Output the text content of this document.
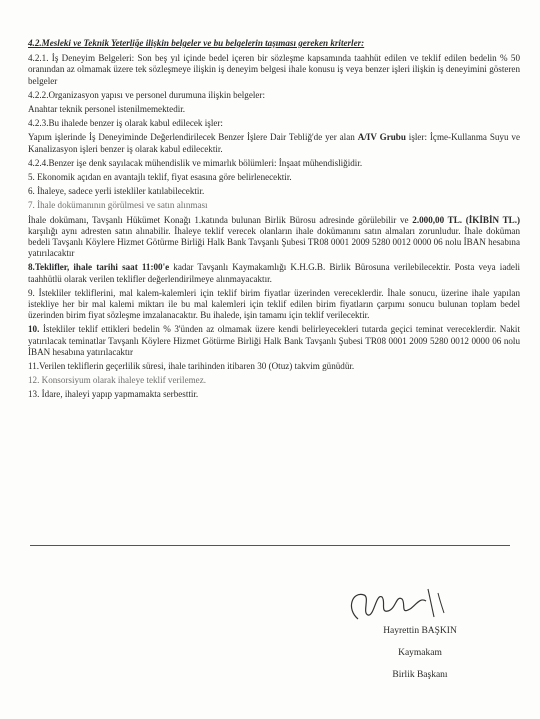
4.2.Mesleki ve Teknik Yeterliğe ilişkin belgeler ve bu belgelerin taşıması gereken kriterler:

4.2.1. İş Deneyim Belgeleri: Son beş yıl içinde bedel içeren bir sözleşme kapsamında taahhüt edilen ve teklif edilen bedelin % 50 oranından az olmamak üzere tek sözleşmeye ilişkin iş deneyim belgesi ihale konusu iş veya benzer işleri ilişkin iş deneyimini gösteren belgeler

4.2.2.Organizasyon yapısı ve personel durumuna ilişkin belgeler:

Anahtar teknik personel istenilmemektedir.

4.2.3.Bu ihalede benzer iş olarak kabul edilecek işler:

Yapım işlerinde İş Deneyiminde Değerlendirilecek Benzer İşlere Dair Tebliğ'de yer alan A/IV Grubu işler: İçme-Kullanma Suyu ve Kanalizasyon işleri benzer iş olarak kabul edilecektir.

4.2.4.Benzer işe denk sayılacak mühendislik ve mimarlık bölümleri: İnşaat mühendisliğidir.

5. Ekonomik açıdan en avantajlı teklif, fiyat esasına göre belirlenecektir.

6. İhaleye, sadece yerli istekliler katılabilecektir.

7. İhale dokümanının görülmesi ve satın alınması

İhale dokümanı, Tavşanlı Hükümet Konağı 1.katında bulunan Birlik Bürosu adresinde görülebilir ve 2.000,00 TL. (İKİBİN TL.) karşılığı aynı adresten satın alınabilir. İhaleye teklif verecek olanların ihale dokümanını satın almaları zorunludur. İhale doküman bedeli Tavşanlı Köylere Hizmet Götürme Birliği Halk Bank Tavşanlı Şubesi TR08 0001 2009 5280 0012 0000 06 nolu İBAN hesabına yatırılacaktır

8.Teklifler, ihale tarihi saat 11:00'e kadar Tavşanlı Kaymakamlığı K.H.G.B. Birlik Bürosuna verilebilecektir. Posta veya iadeli taahhütlü olarak verilen teklifler değerlendirilmeye alınmayacaktır.

9. İstekliler tekliflerini, mal kalem-kalemleri için teklif birim fiyatlar üzerinden vereceklerdir. İhale sonucu, üzerine ihale yapılan istekliye her bir mal kalemi miktarı ile bu mal kalemleri için teklif edilen birim fiyatların çarpımı sonucu bulunan toplam bedel üzerinden birim fiyat sözleşme imzalanacaktır. Bu ihalede, işin tamamı için teklif verilecektir.

10. İstekliler teklif ettikleri bedelin % 3'ünden az olmamak üzere kendi belirleyecekleri tutarda geçici teminat vereceklerdir. Nakit yatırılacak teminatlar Tavşanlı Köylere Hizmet Götürme Birliği Halk Bank Tavşanlı Şubesi TR08 0001 2009 5280 0012 0000 06 nolu İBAN hesabına yatırılacaktır

11.Verilen tekliflerin geçerlilik süresi, ihale tarihinden itibaren 30 (Otuz) takvim günüdür.

12. Konsorsiyum olarak ihaleye teklif verilemez.

13. İdare, ihaleyi yapıp yapmamakta serbesttir.

Hayrettin BAŞKIN
Kaymakam
Birlik Başkanı
